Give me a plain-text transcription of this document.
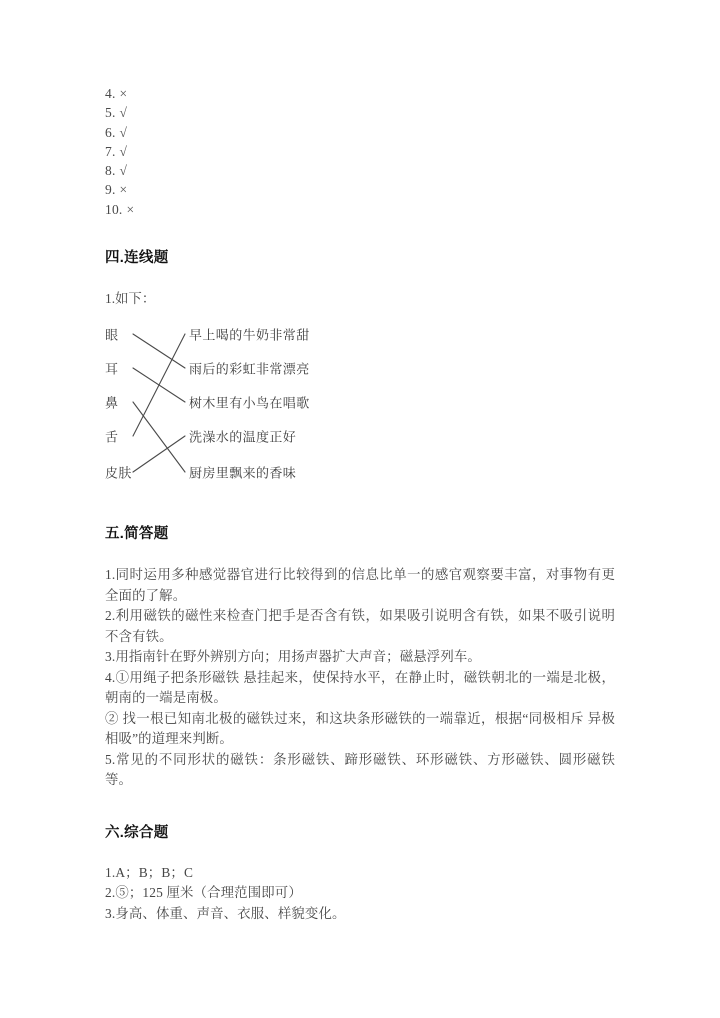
4. ×
5. √
6. √
7. √
8. √
9. ×
10. ×
四.连线题
1.如下：
眼
耳
鼻
舌
皮肤
早上喝的牛奶非常甜
雨后的彩虹非常漂亮
树木里有小鸟在唱歌
洗澡水的温度正好
厨房里飘来的香味
五.简答题
1.同时运用多种感觉器官进行比较得到的信息比单一的感官观察要丰富，对事物有更全面的了解。
2.利用磁铁的磁性来检查门把手是否含有铁，如果吸引说明含有铁，如果不吸引说明不含有铁。
3.用指南针在野外辨别方向；用扬声器扩大声音；磁悬浮列车。
4.①用绳子把条形磁铁 悬挂起来，使保持水平，在静止时，磁铁朝北的一端是北极，朝南的一端是南极。
② 找一根已知南北极的磁铁过来，和这块条形磁铁的一端靠近，根据“同极相斥 异极相吸”的道理来判断。
5.常见的不同形状的磁铁：条形磁铁、蹄形磁铁、环形磁铁、方形磁铁、圆形磁铁等。
六.综合题
1.A；B；B；C
2.⑤；125 厘米（合理范围即可）
3.身高、体重、声音、衣服、样貌变化。
